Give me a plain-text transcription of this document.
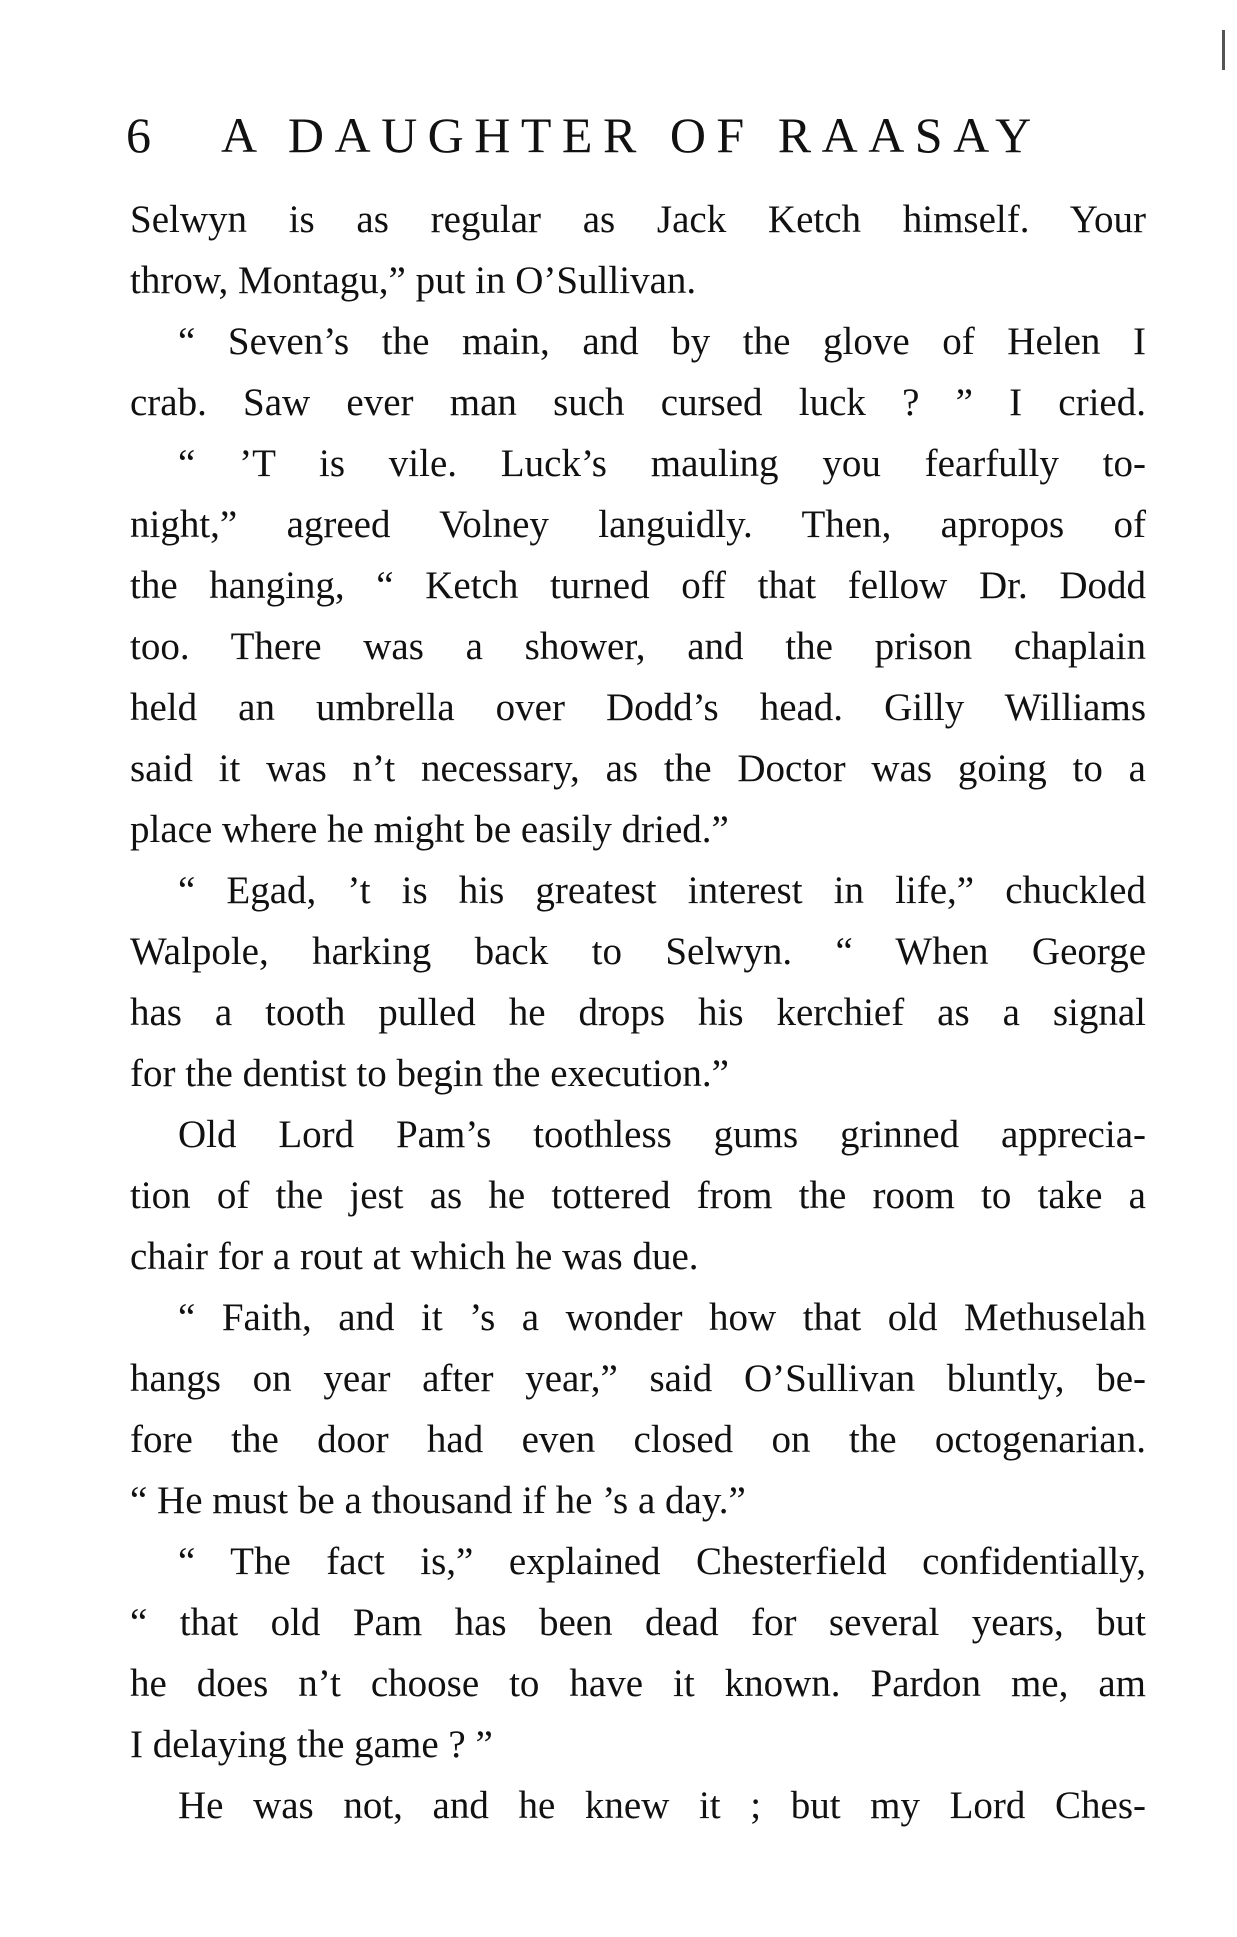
6 A DAUGHTER OF RAASAY
Selwyn is as regular as Jack Ketch himself. Your
throw, Montagu,” put in O’Sullivan.
“ Seven’s the main, and by the glove of Helen I
crab. Saw ever man such cursed luck ? ” I cried.
“ ’T is vile. Luck’s mauling you fearfully to-
night,” agreed Volney languidly. Then, apropos of
the hanging, “ Ketch turned off that fellow Dr. Dodd
too. There was a shower, and the prison chaplain
held an umbrella over Dodd’s head. Gilly Williams
said it was n’t necessary, as the Doctor was going to a
place where he might be easily dried.”
“ Egad, ’t is his greatest interest in life,” chuckled
Walpole, harking back to Selwyn. “ When George
has a tooth pulled he drops his kerchief as a signal
for the dentist to begin the execution.”
Old Lord Pam’s toothless gums grinned apprecia-
tion of the jest as he tottered from the room to take a
chair for a rout at which he was due.
“ Faith, and it ’s a wonder how that old Methuselah
hangs on year after year,” said O’Sullivan bluntly, be-
fore the door had even closed on the octogenarian.
“ He must be a thousand if he ’s a day.”
“ The fact is,” explained Chesterfield confidentially,
“ that old Pam has been dead for several years, but
he does n’t choose to have it known. Pardon me, am
I delaying the game ? ”
He was not, and he knew it ; but my Lord Ches-
